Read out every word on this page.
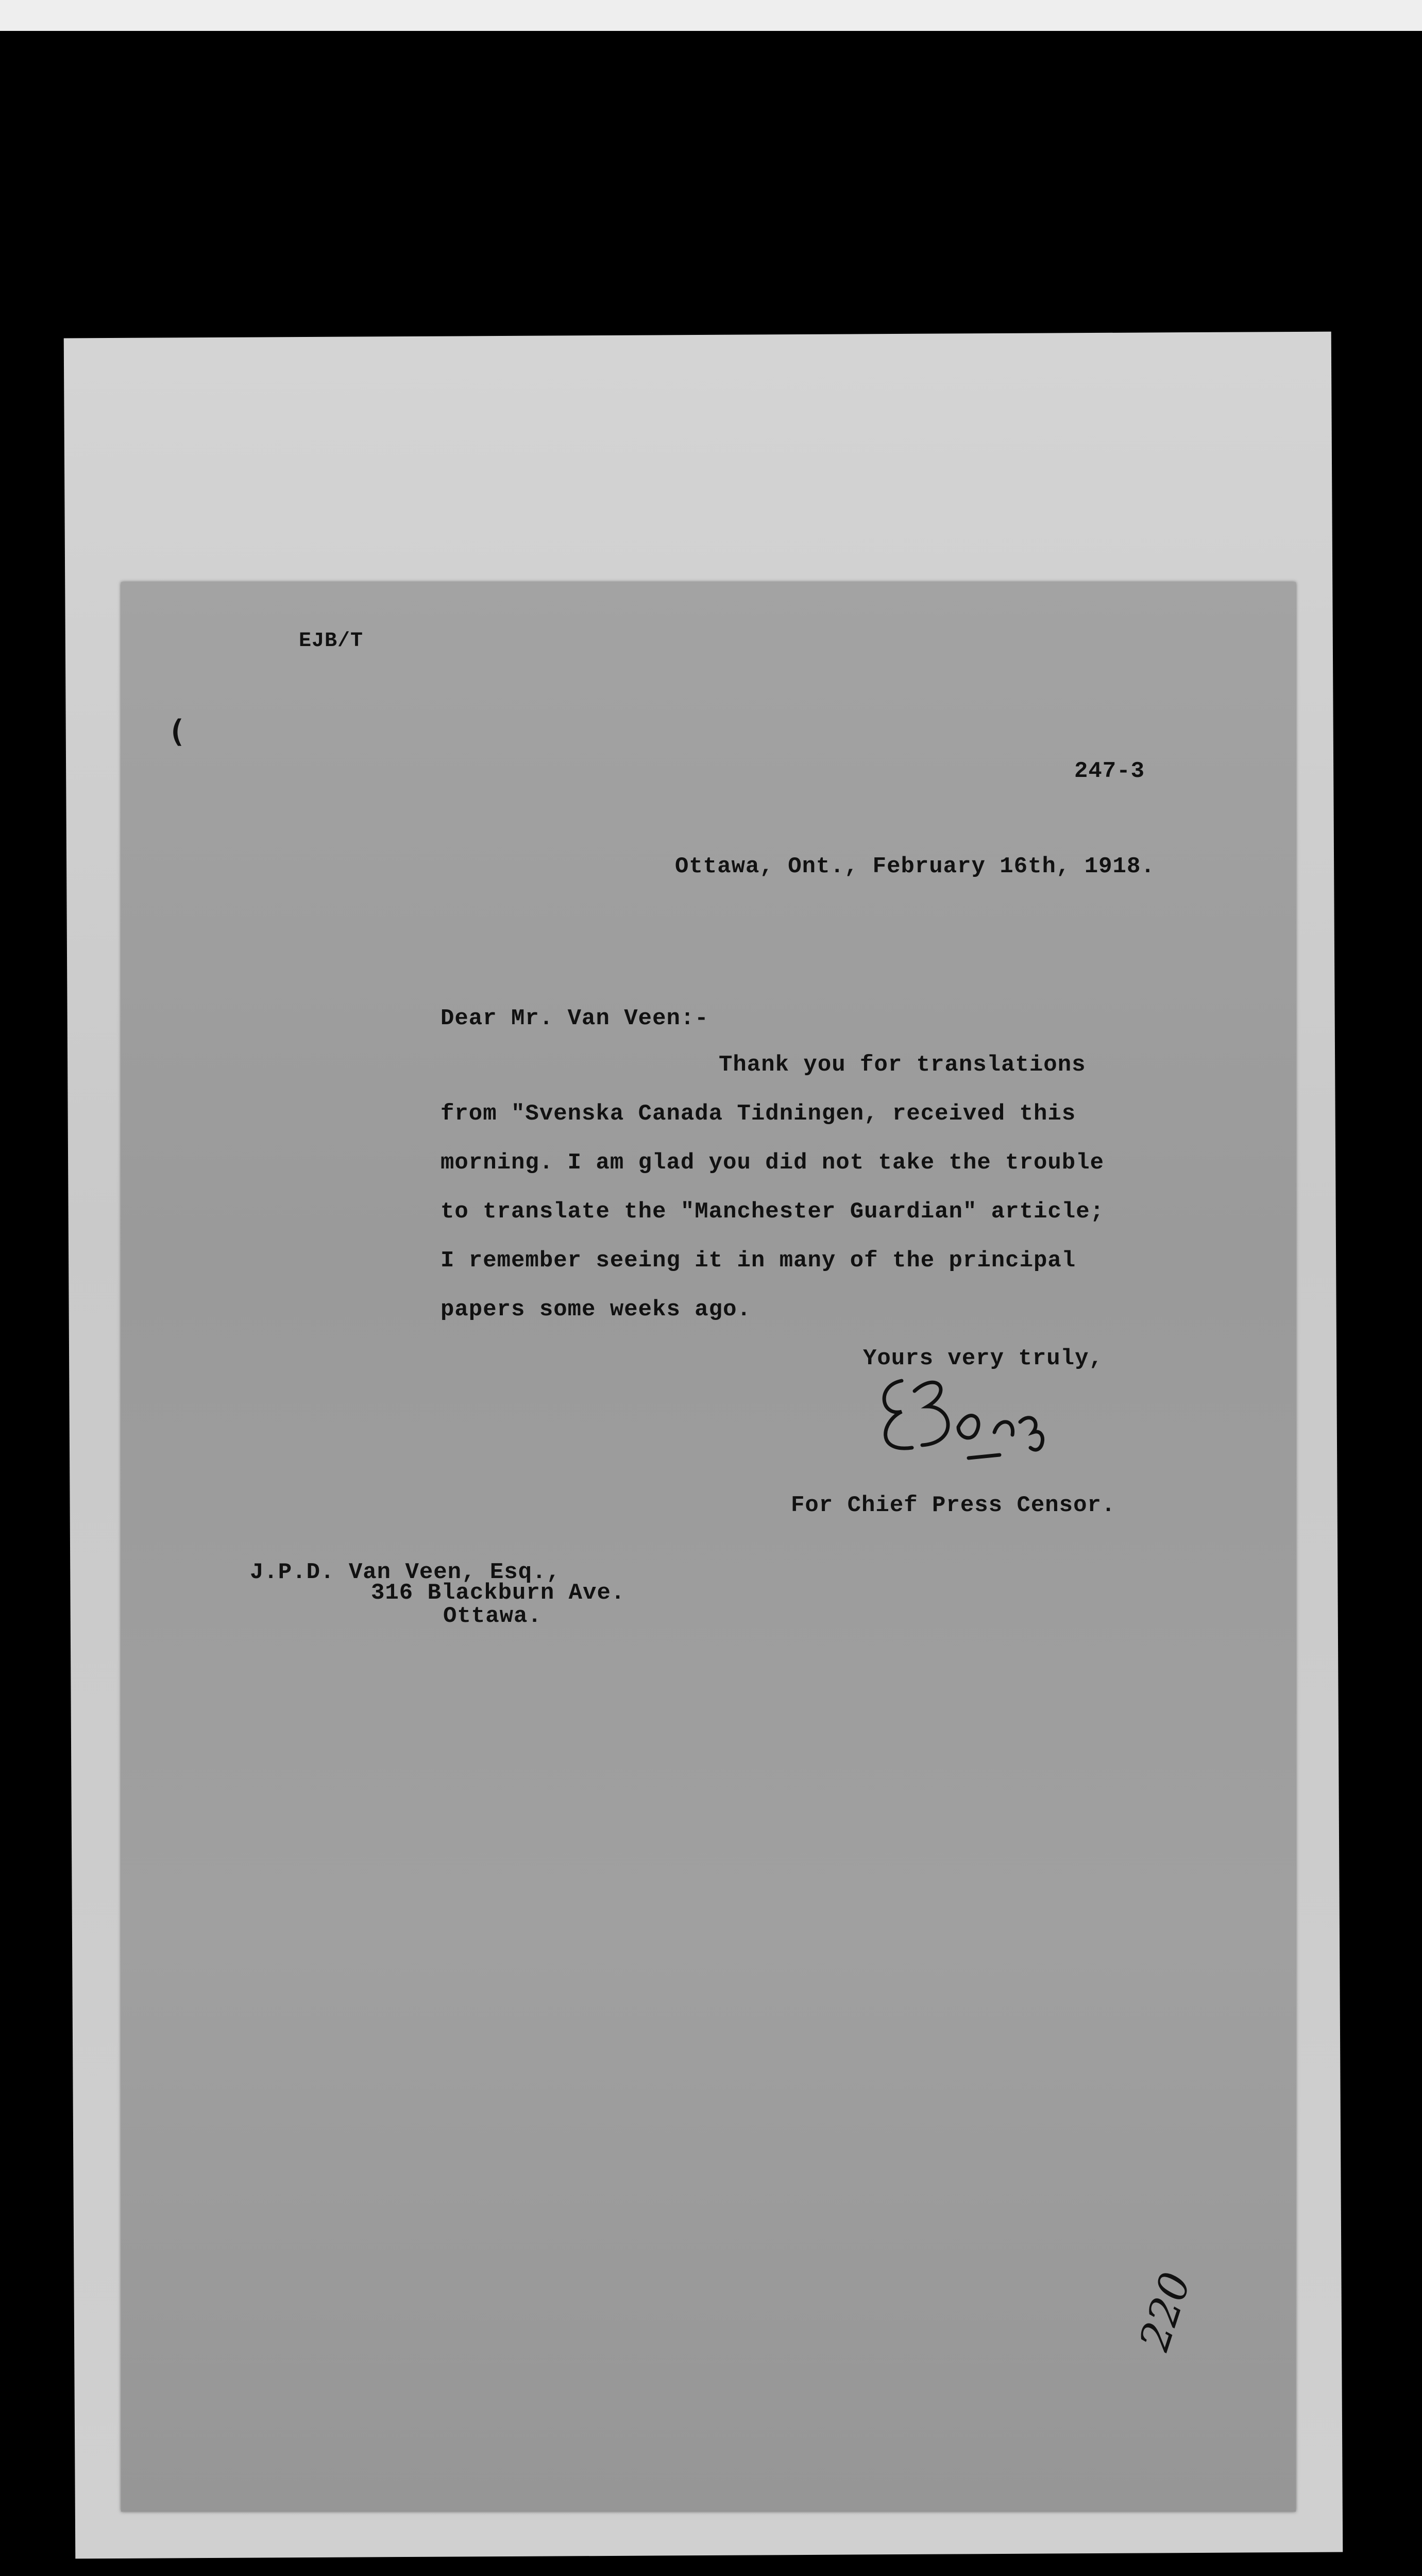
EJB/T
(
247-3
Ottawa, Ont., February 16th, 1918.
Dear Mr. Van Veen:-
Thank you for translations
from "Svenska Canada Tidningen, received this
morning. I am glad you did not take the trouble
to translate the "Manchester Guardian" article;
I remember seeing it in many of the principal
papers some weeks ago.
Yours very truly,
For Chief Press Censor.
J.P.D. Van Veen, Esq.,
316 Blackburn Ave.
Ottawa.
220
